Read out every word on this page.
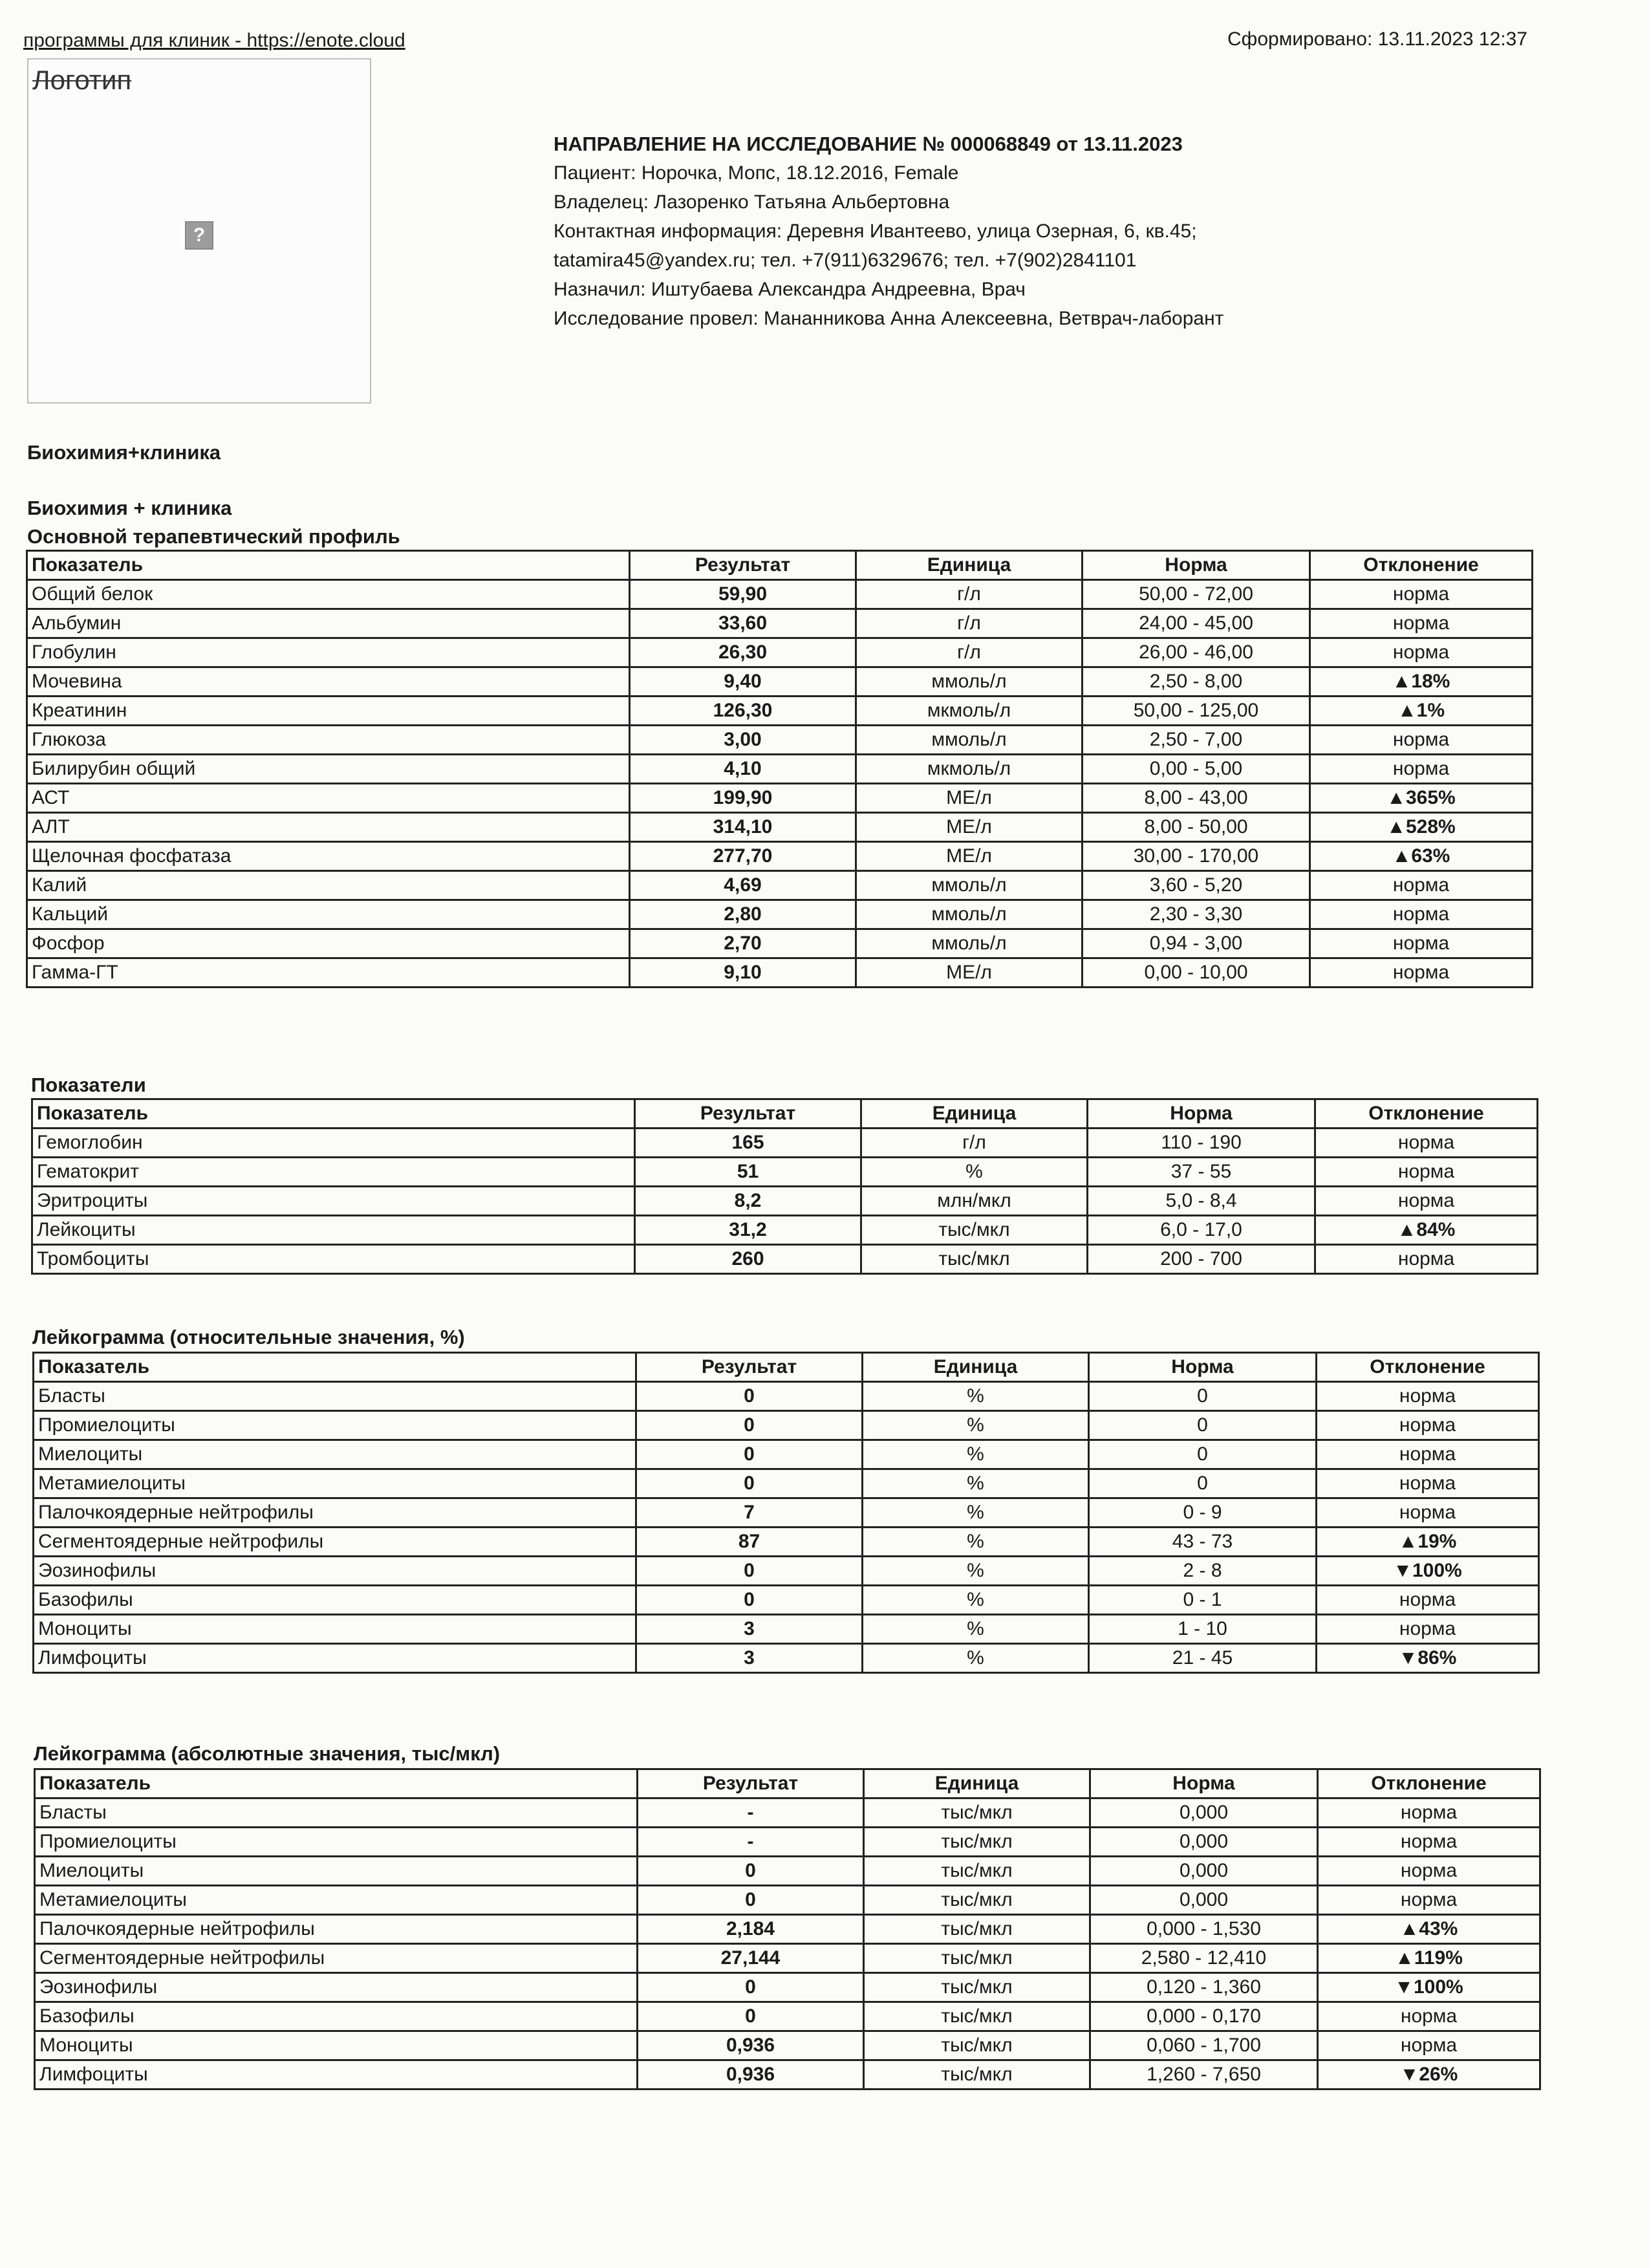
программы для клиник - https://enote.cloud	Сформировано: 13.11.2023 12:37
Логотип
?
НАПРАВЛЕНИЕ НА ИССЛЕДОВАНИЕ № 000068849 от 13.11.2023
Пациент: Норочка, Мопс, 18.12.2016, Female
Владелец: Лазоренко Татьяна Альбертовна
Контактная информация: Деревня Ивантеево, улица Озерная, 6, кв.45;
tatamira45@yandex.ru; тел. +7(911)6329676; тел. +7(902)2841101
Назначил: Иштубаева Александра Андреевна, Врач
Исследование провел: Мананникова Анна Алексеевна, Ветврач-лаборант
Биохимия+клиника
Биохимия + клиника
Основной терапевтический профиль
Показатель	Результат	Единица	Норма	Отклонение
Общий белок	59,90	г/л	50,00 - 72,00	норма
Альбумин	33,60	г/л	24,00 - 45,00	норма
Глобулин	26,30	г/л	26,00 - 46,00	норма
Мочевина	9,40	ммоль/л	2,50 - 8,00	▲18%
Креатинин	126,30	мкмоль/л	50,00 - 125,00	▲1%
Глюкоза	3,00	ммоль/л	2,50 - 7,00	норма
Билирубин общий	4,10	мкмоль/л	0,00 - 5,00	норма
АСТ	199,90	МЕ/л	8,00 - 43,00	▲365%
АЛТ	314,10	МЕ/л	8,00 - 50,00	▲528%
Щелочная фосфатаза	277,70	МЕ/л	30,00 - 170,00	▲63%
Калий	4,69	ммоль/л	3,60 - 5,20	норма
Кальций	2,80	ммоль/л	2,30 - 3,30	норма
Фосфор	2,70	ммоль/л	0,94 - 3,00	норма
Гамма-ГТ	9,10	МЕ/л	0,00 - 10,00	норма
Показатели
Показатель	Результат	Единица	Норма	Отклонение
Гемоглобин	165	г/л	110 - 190	норма
Гематокрит	51	%	37 - 55	норма
Эритроциты	8,2	млн/мкл	5,0 - 8,4	норма
Лейкоциты	31,2	тыс/мкл	6,0 - 17,0	▲84%
Тромбоциты	260	тыс/мкл	200 - 700	норма
Лейкограмма (относительные значения, %)
Показатель	Результат	Единица	Норма	Отклонение
Бласты	0	%	0	норма
Промиелоциты	0	%	0	норма
Миелоциты	0	%	0	норма
Метамиелоциты	0	%	0	норма
Палочкоядерные нейтрофилы	7	%	0 - 9	норма
Сегментоядерные нейтрофилы	87	%	43 - 73	▲19%
Эозинофилы	0	%	2 - 8	▼100%
Базофилы	0	%	0 - 1	норма
Моноциты	3	%	1 - 10	норма
Лимфоциты	3	%	21 - 45	▼86%
Лейкограмма (абсолютные значения, тыс/мкл)
Показатель	Результат	Единица	Норма	Отклонение
Бласты	-	тыс/мкл	0,000	норма
Промиелоциты	-	тыс/мкл	0,000	норма
Миелоциты	0	тыс/мкл	0,000	норма
Метамиелоциты	0	тыс/мкл	0,000	норма
Палочкоядерные нейтрофилы	2,184	тыс/мкл	0,000 - 1,530	▲43%
Сегментоядерные нейтрофилы	27,144	тыс/мкл	2,580 - 12,410	▲119%
Эозинофилы	0	тыс/мкл	0,120 - 1,360	▼100%
Базофилы	0	тыс/мкл	0,000 - 0,170	норма
Моноциты	0,936	тыс/мкл	0,060 - 1,700	норма
Лимфоциты	0,936	тыс/мкл	1,260 - 7,650	▼26%
